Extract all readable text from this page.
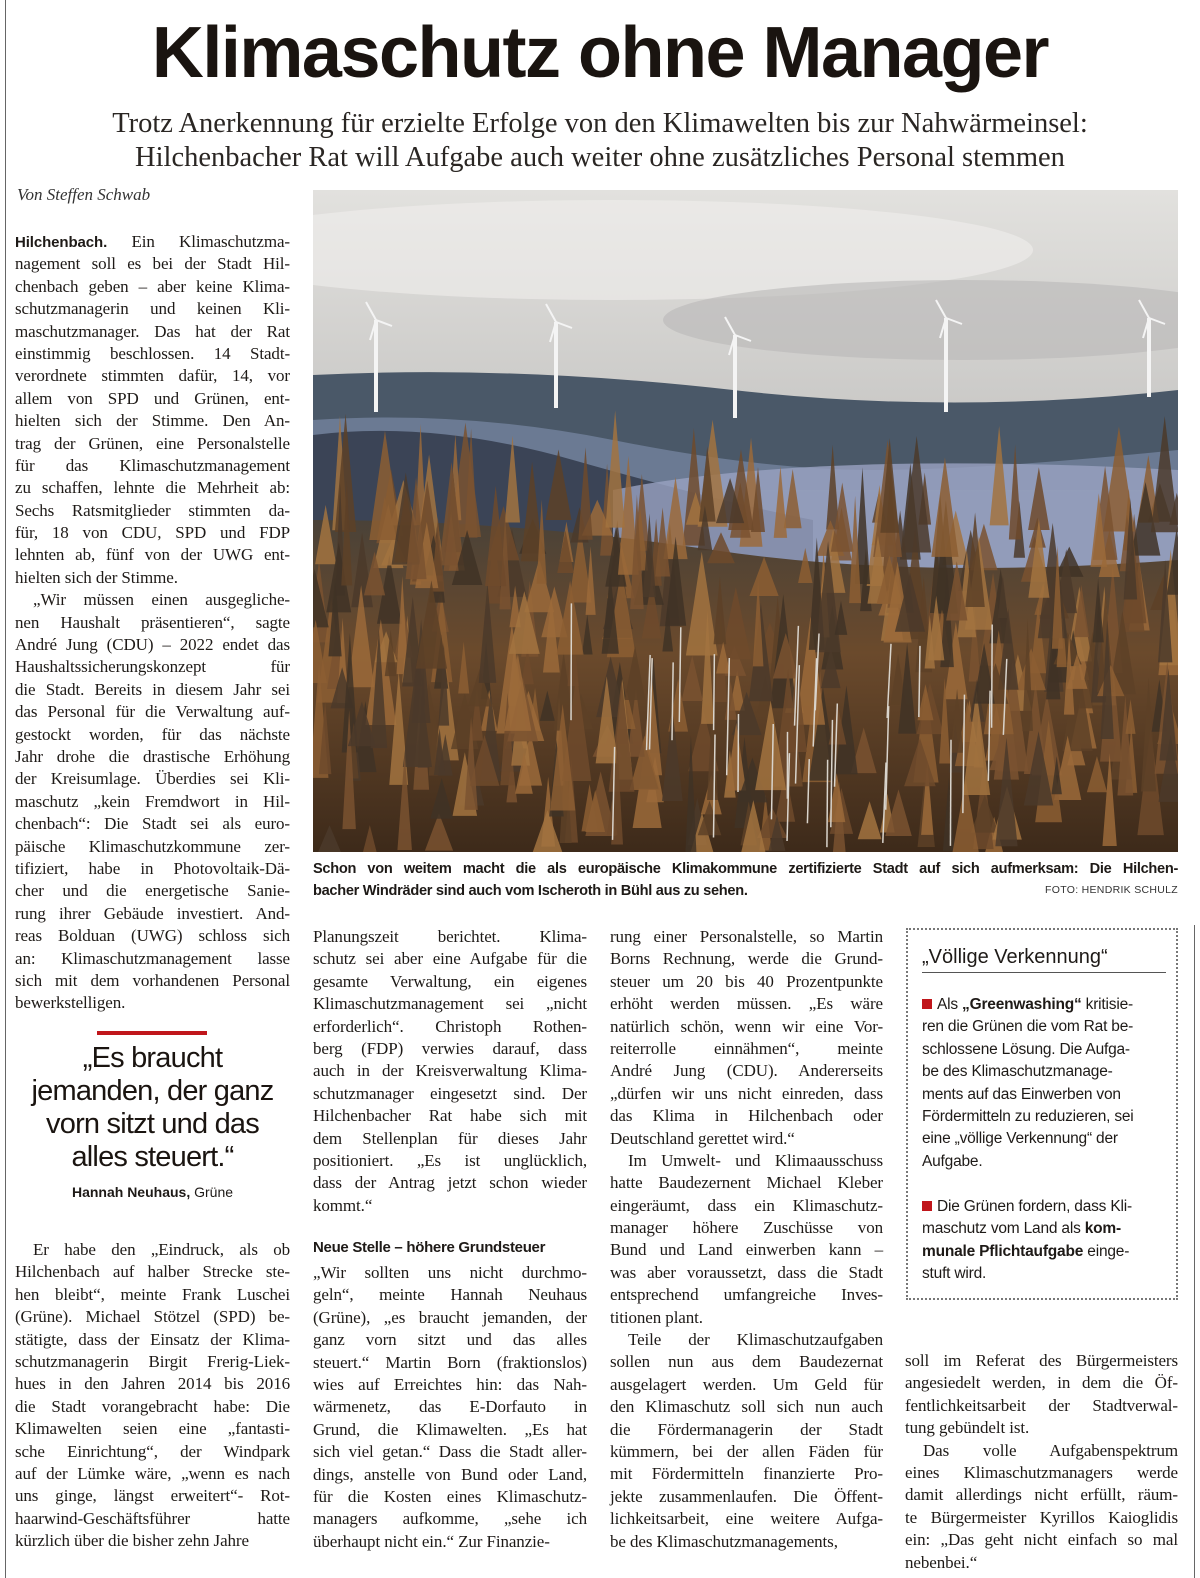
Klimaschutz ohne Manager
Trotz Anerkennung für erzielte Erfolge von den Klimawelten bis zur Nahwärmeinsel:
Hilchenbacher Rat will Aufgabe auch weiter ohne zusätzliches Personal stemmen
Von Steffen Schwab
Schon von weitem macht die als europäische Klimakommune zertifizierte Stadt auf sich aufmerksam: Die Hilchen-
bacher Windräder sind auch vom Ischeroth in Bühl aus zu sehen.	FOTO: HENDRIK SCHULZ
„Es braucht
jemanden, der ganz
vorn sitzt und das
alles steuert.“
Hannah Neuhaus, Grüne
Neue Stelle – höhere Grundsteuer
„Völlige Verkennung“
Als „Greenwashing“ kritisie-
ren die Grünen die vom Rat be-
schlossene Lösung. Die Aufga-
be des Klimaschutzmanage-
ments auf das Einwerben von
Fördermitteln zu reduzieren, sei
eine „völlige Verkennung“ der
Aufgabe.
Die Grünen fordern, dass Kli-
maschutz vom Land als kom-
munale Pflichtaufgabe einge-
stuft wird.
Hilchenbach. Ein Klimaschutzma-
nagement soll es bei der Stadt Hil-
chenbach geben – aber keine Klima-
schutzmanagerin und keinen Kli-
maschutzmanager. Das hat der Rat
einstimmig beschlossen. 14 Stadt-
verordnete stimmten dafür, 14, vor
allem von SPD und Grünen, ent-
hielten sich der Stimme. Den An-
trag der Grünen, eine Personalstelle
für das Klimaschutzmanagement
zu schaffen, lehnte die Mehrheit ab:
Sechs Ratsmitglieder stimmten da-
für, 18 von CDU, SPD und FDP
lehnten ab, fünf von der UWG ent-
hielten sich der Stimme.
„Wir müssen einen ausgegliche-
nen Haushalt präsentieren“, sagte
André Jung (CDU) – 2022 endet das
Haushaltssicherungskonzept für
die Stadt. Bereits in diesem Jahr sei
das Personal für die Verwaltung auf-
gestockt worden, für das nächste
Jahr drohe die drastische Erhöhung
der Kreisumlage. Überdies sei Kli-
maschutz „kein Fremdwort in Hil-
chenbach“: Die Stadt sei als euro-
päische Klimaschutzkommune zer-
tifiziert, habe in Photovoltaik-Dä-
cher und die energetische Sanie-
rung ihrer Gebäude investiert. And-
reas Bolduan (UWG) schloss sich
an: Klimaschutzmanagement lasse
sich mit dem vorhandenen Personal
bewerkstelligen.
Er habe den „Eindruck, als ob
Hilchenbach auf halber Strecke ste-
hen bleibt“, meinte Frank Luschei
(Grüne). Michael Stötzel (SPD) be-
stätigte, dass der Einsatz der Klima-
schutzmanagerin Birgit Frerig-Liek-
hues in den Jahren 2014 bis 2016
die Stadt vorangebracht habe: Die
Klimawelten seien eine „fantasti-
sche Einrichtung“, der Windpark
auf der Lümke wäre, „wenn es nach
uns ginge, längst erweitert“- Rot-
haarwind-Geschäftsführer hatte
kürzlich über die bisher zehn Jahre
Planungszeit berichtet. Klima-
schutz sei aber eine Aufgabe für die
gesamte Verwaltung, ein eigenes
Klimaschutzmanagement sei „nicht
erforderlich“. Christoph Rothen-
berg (FDP) verwies darauf, dass
auch in der Kreisverwaltung Klima-
schutzmanager eingesetzt sind. Der
Hilchenbacher Rat habe sich mit
dem Stellenplan für dieses Jahr
positioniert. „Es ist unglücklich,
dass der Antrag jetzt schon wieder
kommt.“
„Wir sollten uns nicht durchmo-
geln“, meinte Hannah Neuhaus
(Grüne), „es braucht jemanden, der
ganz vorn sitzt und das alles
steuert.“ Martin Born (fraktionslos)
wies auf Erreichtes hin: das Nah-
wärmenetz, das E-Dorfauto in
Grund, die Klimawelten. „Es hat
sich viel getan.“ Dass die Stadt aller-
dings, anstelle von Bund oder Land,
für die Kosten eines Klimaschutz-
managers aufkomme, „sehe ich
überhaupt nicht ein.“ Zur Finanzie-
rung einer Personalstelle, so Martin
Borns Rechnung, werde die Grund-
steuer um 20 bis 40 Prozentpunkte
erhöht werden müssen. „Es wäre
natürlich schön, wenn wir eine Vor-
reiterrolle einnähmen“, meinte
André Jung (CDU). Andererseits
„dürfen wir uns nicht einreden, dass
das Klima in Hilchenbach oder
Deutschland gerettet wird.“
Im Umwelt- und Klimaausschuss
hatte Baudezernent Michael Kleber
eingeräumt, dass ein Klimaschutz-
manager höhere Zuschüsse von
Bund und Land einwerben kann –
was aber voraussetzt, dass die Stadt
entsprechend umfangreiche Inves-
titionen plant.
Teile der Klimaschutzaufgaben
sollen nun aus dem Baudezernat
ausgelagert werden. Um Geld für
den Klimaschutz soll sich nun auch
die Fördermanagerin der Stadt
kümmern, bei der allen Fäden für
mit Fördermitteln finanzierte Pro-
jekte zusammenlaufen. Die Öffent-
lichkeitsarbeit, eine weitere Aufga-
be des Klimaschutzmanagements,
soll im Referat des Bürgermeisters
angesiedelt werden, in dem die Öf-
fentlichkeitsarbeit der Stadtverwal-
tung gebündelt ist.
Das volle Aufgabenspektrum
eines Klimaschutzmanagers werde
damit allerdings nicht erfüllt, räum-
te Bürgermeister Kyrillos Kaioglidis
ein: „Das geht nicht einfach so mal
nebenbei.“
